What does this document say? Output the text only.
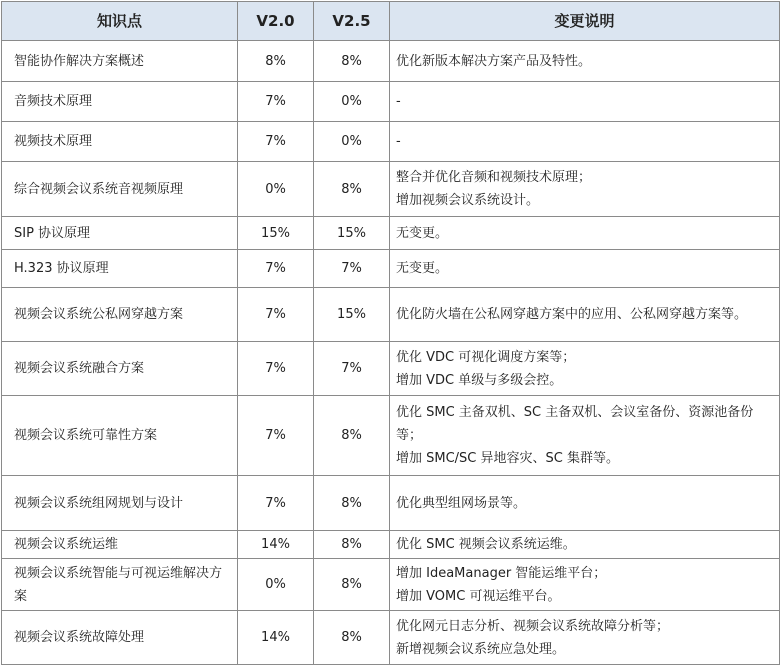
知识点	V2.0	V2.5	变更说明
智能协作解决方案概述	8%	8%	优化新版本解决方案产品及特性。

音频技术原理	7%	0%	-

视频技术原理	7%	0%	-

综合视频会议系统音视频原理	0%	8%	整合并优化音频和视频技术原理；
增加视频会议系统设计。

SIP 协议原理	15%	15%	无变更。

H.323 协议原理	7%	7%	无变更。

视频会议系统公私网穿越方案	7%	15%	优化防火墙在公私网穿越方案中的应用、公私网穿越方案等。

视频会议系统融合方案	7%	7%	优化 VDC 可视化调度方案等；
增加 VDC 单级与多级会控。

视频会议系统可靠性方案	7%	8%	优化 SMC 主备双机、SC 主备双机、会议室备份、资源池备份等；
增加 SMC/SC 异地容灾、SC 集群等。

视频会议系统组网规划与设计	7%	8%	优化典型组网场景等。

视频会议系统运维	14%	8%	优化 SMC 视频会议系统运维。

视频会议系统智能与可视运维解决方案	0%	8%	增加 IdeaManager 智能运维平台；
增加 VOMC 可视运维平台。

视频会议系统故障处理	14%	8%	优化网元日志分析、视频会议系统故障分析等；
新增视频会议系统应急处理。
